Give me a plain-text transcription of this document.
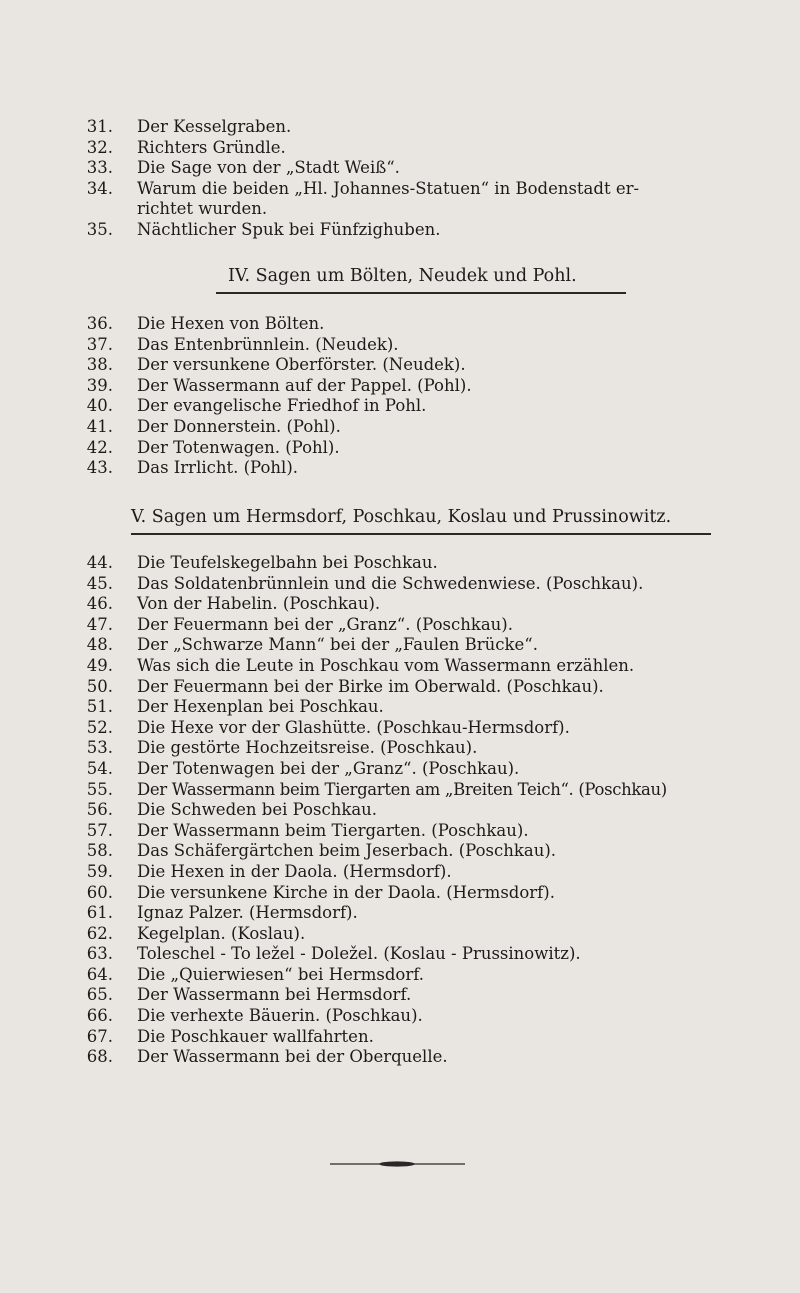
31.	Der Kesselgraben.
32.	Richters Gründle.
33.	Die Sage von der „Stadt Weiß“.
34.	Warum die beiden „Hl. Johannes-Statuen“ in Bodenstadt er-
richtet wurden.
35.	Nächtlicher Spuk bei Fünfzighuben.
IV. Sagen um Bölten, Neudek und Pohl.
36.	Die Hexen von Bölten.
37.	Das Entenbrünnlein. (Neudek).
38.	Der versunkene Oberförster. (Neudek).
39.	Der Wassermann auf der Pappel. (Pohl).
40.	Der evangelische Friedhof in Pohl.
41.	Der Donnerstein. (Pohl).
42.	Der Totenwagen. (Pohl).
43.	Das Irrlicht. (Pohl).
V. Sagen um Hermsdorf, Poschkau, Koslau und Prussinowitz.
44.	Die Teufelskegelbahn bei Poschkau.
45.	Das Soldatenbrünnlein und die Schwedenwiese. (Poschkau).
46.	Von der Habelin. (Poschkau).
47.	Der Feuermann bei der „Granz“. (Poschkau).
48.	Der „Schwarze Mann“ bei der „Faulen Brücke“.
49.	Was sich die Leute in Poschkau vom Wassermann erzählen.
50.	Der Feuermann bei der Birke im Oberwald. (Poschkau).
51.	Der Hexenplan bei Poschkau.
52.	Die Hexe vor der Glashütte. (Poschkau-Hermsdorf).
53.	Die gestörte Hochzeitsreise. (Poschkau).
54.	Der Totenwagen bei der „Granz“. (Poschkau).
55.	Der Wassermann beim Tiergarten am „Breiten Teich“. (Poschkau)
56.	Die Schweden bei Poschkau.
57.	Der Wassermann beim Tiergarten. (Poschkau).
58.	Das Schäfergärtchen beim Jeserbach. (Poschkau).
59.	Die Hexen in der Daola. (Hermsdorf).
60.	Die versunkene Kirche in der Daola. (Hermsdorf).
61.	Ignaz Palzer. (Hermsdorf).
62.	Kegelplan. (Koslau).
63.	Toleschel - To ležel - Doležel. (Koslau - Prussinowitz).
64.	Die „Quierwiesen“ bei Hermsdorf.
65.	Der Wassermann bei Hermsdorf.
66.	Die verhexte Bäuerin. (Poschkau).
67.	Die Poschkauer wallfahrten.
68.	Der Wassermann bei der Oberquelle.
